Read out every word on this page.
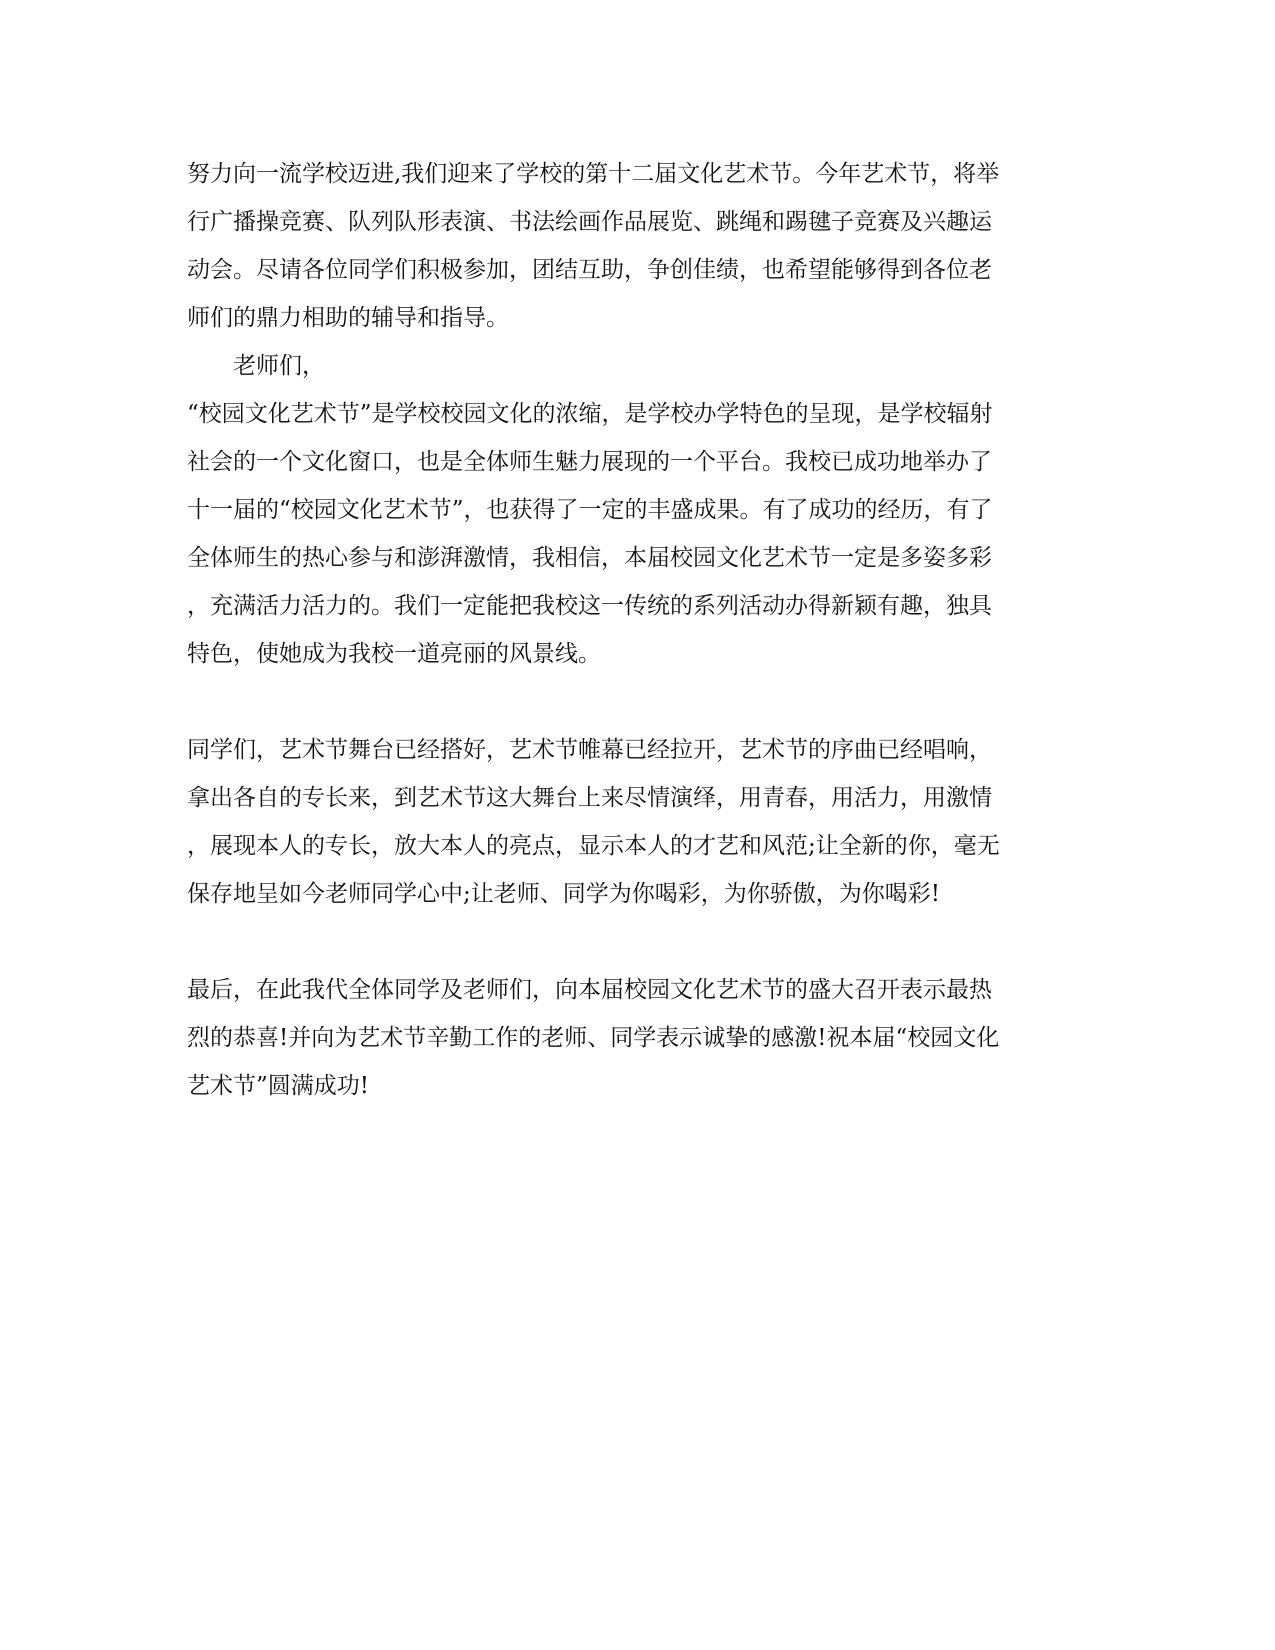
努力向一流学校迈进,我们迎来了学校的第十二届文化艺术节。今年艺术节，将举
行广播操竞赛、队列队形表演、书法绘画作品展览、跳绳和踢毽子竞赛及兴趣运
动会。尽请各位同学们积极参加，团结互助，争创佳绩，也希望能够得到各位老
师们的鼎力相助的辅导和指导。
老师们，
“校园文化艺术节”是学校校园文化的浓缩，是学校办学特色的呈现，是学校辐射
社会的一个文化窗口，也是全体师生魅力展现的一个平台。我校已成功地举办了
十一届的“校园文化艺术节”，也获得了一定的丰盛成果。有了成功的经历，有了
全体师生的热心参与和澎湃激情，我相信，本届校园文化艺术节一定是多姿多彩
，充满活力活力的。我们一定能把我校这一传统的系列活动办得新颖有趣，独具
特色，使她成为我校一道亮丽的风景线。
同学们，艺术节舞台已经搭好，艺术节帷幕已经拉开，艺术节的序曲已经唱响，
拿出各自的专长来，到艺术节这大舞台上来尽情演绎，用青春，用活力，用激情
，展现本人的专长，放大本人的亮点，显示本人的才艺和风范;让全新的你，毫无
保存地呈如今老师同学心中;让老师、同学为你喝彩，为你骄傲，为你喝彩!
最后，在此我代全体同学及老师们，向本届校园文化艺术节的盛大召开表示最热
烈的恭喜!并向为艺术节辛勤工作的老师、同学表示诚挚的感激!祝本届“校园文化
艺术节”圆满成功!
